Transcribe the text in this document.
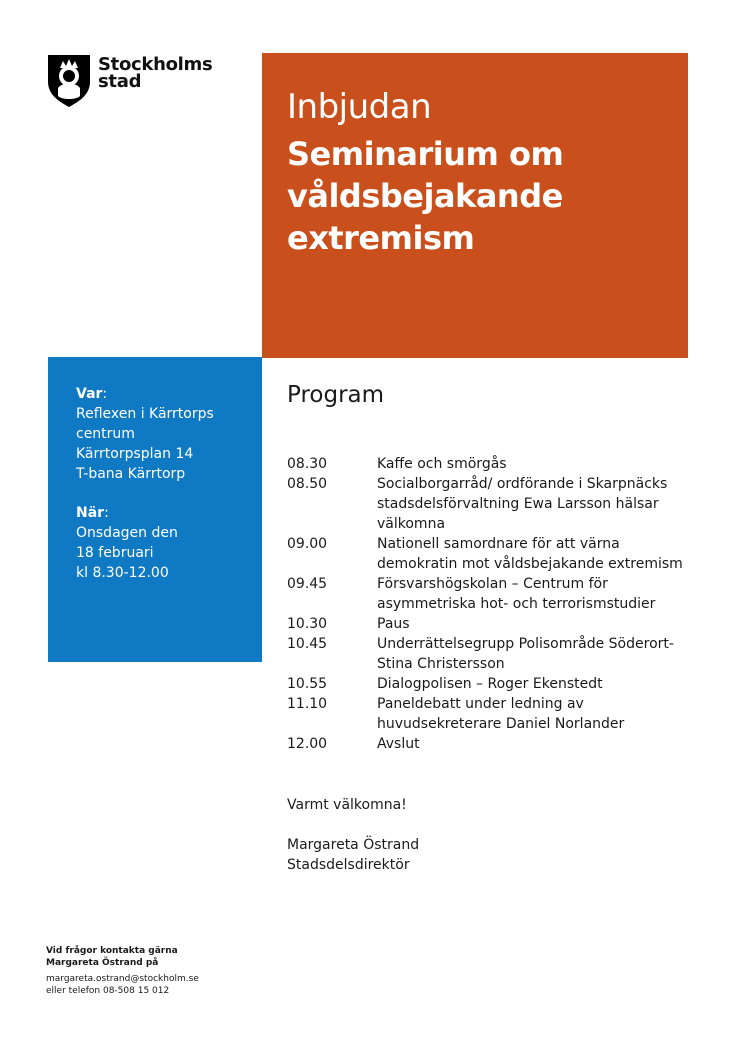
Stockholms
stad
Inbjudan
Seminarium om
våldsbejakande
extremism
Var:
Reflexen i Kärrtorps
centrum
Kärrtorpsplan 14
T-bana Kärrtorp
När:
Onsdagen den
18 februari
kl 8.30-12.00
Program
08.30	Kaffe och smörgås
08.50	Socialborgarråd/ ordförande i Skarpnäcks
stadsdelsförvaltning Ewa Larsson hälsar
välkomna
09.00	Nationell samordnare för att värna
demokratin mot våldsbejakande extremism
09.45	Försvarshögskolan – Centrum för
asymmetriska hot- och terrorismstudier
10.30	Paus
10.45	Underrättelsegrupp Polisområde Söderort-
Stina Christersson
10.55	Dialogpolisen – Roger Ekenstedt
11.10	Paneldebatt under ledning av
huvudsekreterare Daniel Norlander
12.00	Avslut
Varmt välkomna!
Margareta Östrand
Stadsdelsdirektör
Vid frågor kontakta gärna
Margareta Östrand på
margareta.ostrand@stockholm.se
eller telefon 08-508 15 012
